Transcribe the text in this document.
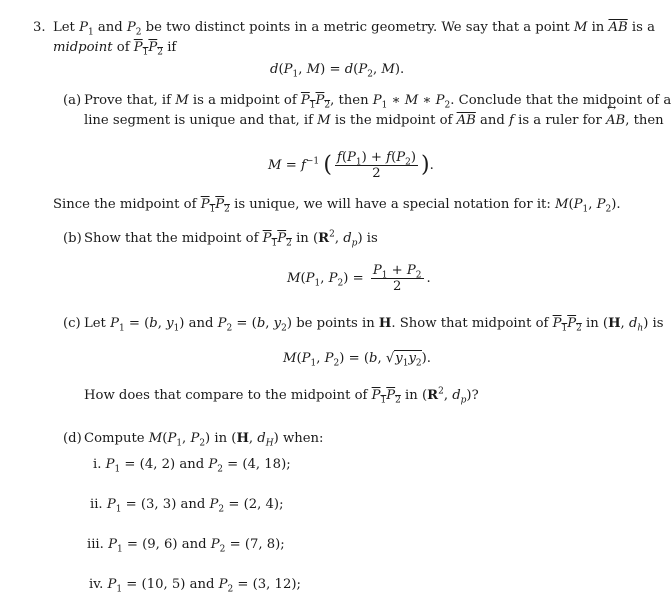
3. Let $P_1$ and $P_2$ be two distinct points in a metric geometry. We say that a point M in $\overline{AB}$ is a
midpoint of $P_1P_2$ if
$d(P_1$, $M) = d(P_2$, M).
(a) Prove that, if M is a midpoint of $P_1P_2$, then $P_1$ ∗ M ∗ $P_2$. Conclude that the midpoint of a
line segment is unique and that, if M is the midpoint of $\overline{AB}$ and f is a ruler for ↔ AB, then
$M = f^{-1}$ ( $\frac{f(P_1) + f(P_2)}{2}$ ).
Since the midpoint of $P_1P_2$ is unique, we will have a special notation for it: $M(P_1$, $P_2$).
(b) Show that the midpoint of $P_1P_2$ in ($R^2$, $d_p$) is
$M(P_1$, $P_2) = \frac{P_1 + P_2}{2}$ .
(c) Let $P_1 = (b$, $y_1$) and $P_2 = (b$, $y_2$) be points in H. Show that midpoint of $P_1P_2$ in (H, $d_h$) is
$M(P_1$, $P_2) = (b$, $√y_1y_2$).
How does that compare to the midpoint of $P_1P_2$ in ($R^2$, $d_p$)?
(d) Compute $M(P_1$, $P_2$) in (H, $d_H$) when:
i. $P_1 = (4$, 2) and $P_2 = (4$, 18);
ii. $P_1 = (3$, 3) and $P_2 = (2$, 4);
iii. $P_1 = (9$, 6) and $P_2 = (7$, 8);
iv. $P_1 = (10$, 5) and $P_2 = (3$, 12);
